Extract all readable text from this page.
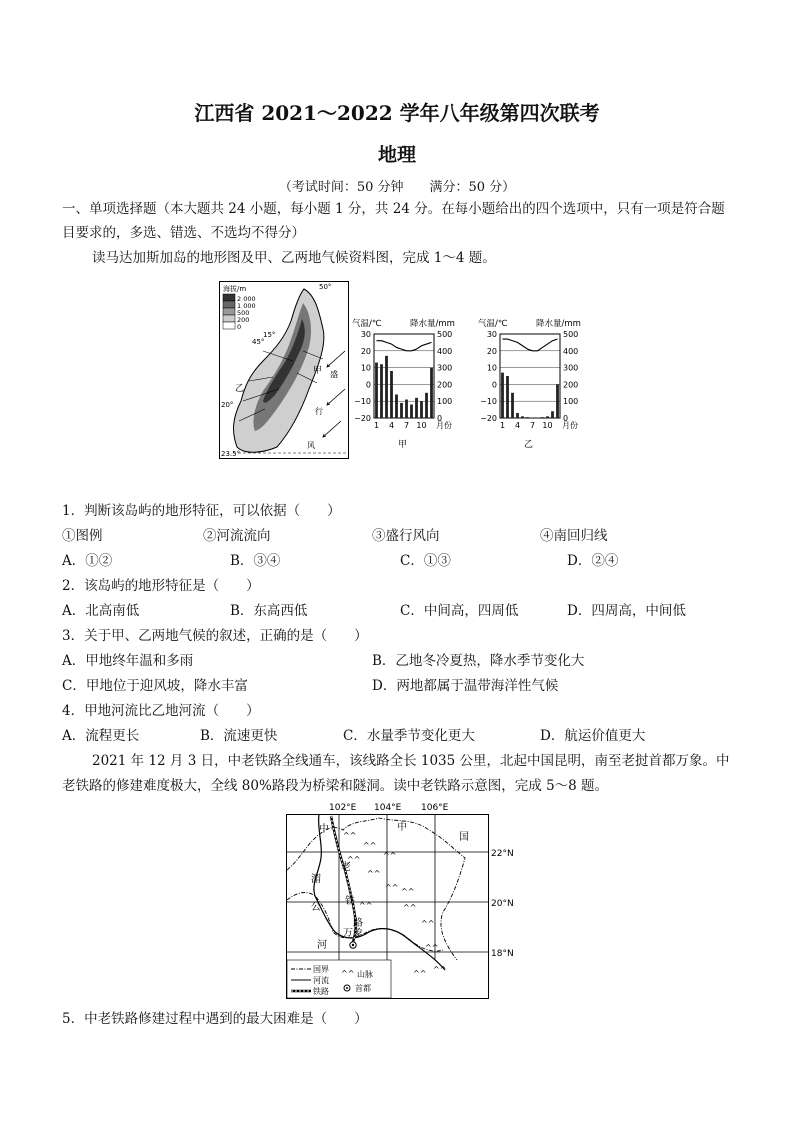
江西省 2021～2022 学年八年级第四次联考
地理
（考试时间：50 分钟　　满分：50 分）
一、单项选择题（本大题共 24 小题，每小题 1 分，共 24 分。在每小题给出的四个选项中，只有一项是符合题
目要求的，多选、错选、不选均不得分）
读马达加斯加岛的地形图及甲、乙两地气候资料图，完成 1～4 题。
海拔/m
2 000
1 000
500
200
0
50°
45°
15°
20°
23.5°
甲
乙
盛
行
风
气温/℃	降水量/mm
30
20
10
0
−10
−20
500
400
300
200
100
0
1 4 7 10 月份
甲
气温/℃	降水量/mm
30
20
10
0
−10
−20
500
400
300
200
100
0
1 4 7 10 月份
乙
1．判断该岛屿的地形特征，可以依据（　　）
①图例	②河流流向	③盛行风向	④南回归线
A．①②	B．③④	C．①③	D．②④
2．该岛屿的地形特征是（　　）
A．北高南低	B．东高西低	C．中间高，四周低	D．四周高，中间低
3．关于甲、乙两地气候的叙述，正确的是（　　）
A．甲地终年温和多雨	B．乙地冬冷夏热，降水季节变化大
C．甲地位于迎风坡，降水丰富	D．两地都属于温带海洋性气候
4．甲地河流比乙地河流（　　）
A．流程更长	B．流速更快	C．水量季节变化更大	D．航运价值更大
2021 年 12 月 3 日，中老铁路全线通车，该线路全长 1035 公里，北起中国昆明，南至老挝首都万象。中
老铁路的修建难度极大，全线 80%路段为桥梁和隧洞。读中老铁路示意图，完成 5～8 题。
102°E 104°E 106°E
22°N
20°N
18°N
^^
^^
^^
^^
^^
^^
^^
^^
^^
^^
^^
^^
^^
中	中
国
老
湄
铁
路
公
河
万象
国界
河流
铁路
^^ 山脉
首都
5．中老铁路修建过程中遇到的最大困难是（　　）
